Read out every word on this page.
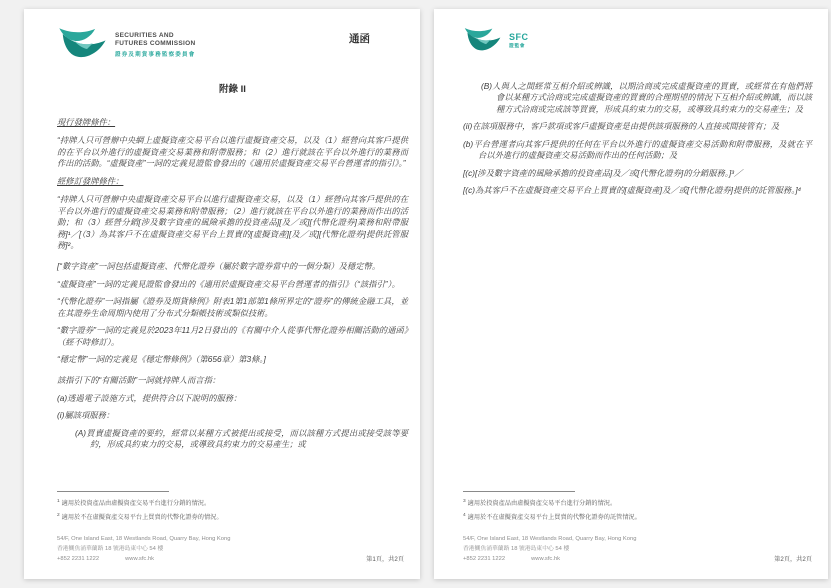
SECURITIES AND
FUTURES COMMISSION
證券及期貨事務監察委員會
通函
附錄 II
現行發牌條件：
“持牌人只可營辦中央網上虛擬資產交易平台以進行虛擬資產交易，以及（1）經營向其客戶提供的在平台以外進行的虛擬資產交易業務和附帶服務；和（2）進行就該在平台以外進行的業務而作出的活動。“虛擬資產”一詞的定義見證監會發出的《適用於虛擬資產交易平台營運者的指引》。”
經修訂發牌條件：
“持牌人只可營辦中央虛擬資產交易平台以進行虛擬資產交易，以及（1）經營向其客戶提供的在平台以外進行的虛擬資產交易業務和附帶服務；（2）進行就該在平台以外進行的業務而作出的活動；和（3）經營分銷[涉及數字資產的風險承擔的投資產品][及／或][代幣化證券]業務和附帶服務]¹／[（3）為其客戶不在虛擬資產交易平台上買賣的[虛擬資產][及／或][代幣化證券]提供託管服務]²。
[“數字資產”一詞包括虛擬資產、代幣化證券（屬於數字證券當中的一個分類）及穩定幣。
“虛擬資產”一詞的定義見證監會發出的《適用於虛擬資產交易平台營運者的指引》（“該指引”）。
“代幣化證券”一詞指屬《證券及期貨條例》附表1第1部第1條所界定的“證券”的傳統金融工具，並在其證券生命周期內使用了分布式分類帳技術或類似技術。
“數字證券”一詞的定義見於2023年11月2日發出的《有關中介人從事代幣化證券相關活動的通函》（經不時修訂）。
“穩定幣”一詞的定義見《穩定幣條例》（第656章）第3條。]
該指引下的“有關活動”一詞就持牌人而言指：
(a)透過電子設施方式，提供符合以下說明的服務：
(i)屬該項服務：
(A)買賣虛擬資產的要約，經常以某種方式被提出或接受，而以該種方式提出或接受該等要約，形成具約束力的交易，或導致具約束力的交易產生；或
$^1$ 適用於投資產品由虛擬資產交易平台進行分銷的情況。
$^2$ 適用於不在虛擬資產交易平台上買賣的代幣化證券的情況。
54/F, One Island East, 18 Westlands Road, Quarry Bay, Hong Kong
香港鰂魚涌華蘭路 18 號港島東中心 54 樓
+852 2231 1222	www.sfc.hk	第1頁，共2頁
SFC
證監會
(B)人與人之間經常互相介紹或辨識，以期洽商或完成虛擬資產的買賣，或經常在有他們將會以某種方式洽商或完成虛擬資產的買賣的合理期望的情況下互相介紹或辨識，而以該種方式洽商或完成該等買賣，形成具約束力的交易，或導致具約束力的交易產生；及
(ii)在該項服務中，客戶款項或客戶虛擬資產是由提供該項服務的人直接或間接管有；及
(b)平台營運者向其客戶提供的任何在平台以外進行的虛擬資產交易活動和附帶服務，及就在平台以外進行的虛擬資產交易活動而作出的任何活動；及
[(c)[涉及數字資產的風險承擔的投資產品]及／或[代幣化證券]的分銷服務。]³／
[(c)為其客戶不在虛擬資產交易平台上買賣的[虛擬資產]及／或[代幣化證券]提供的託管服務。]⁴
$^3$ 適用於投資產品由虛擬資產交易平台進行分銷的情況。
$^4$ 適用於不在虛擬資產交易平台上買賣的代幣化證券的託管情況。
54/F, One Island East, 18 Westlands Road, Quarry Bay, Hong Kong
香港鰂魚涌華蘭路 18 號港島東中心 54 樓
+852 2231 1222	www.sfc.hk	第2頁，共2頁
